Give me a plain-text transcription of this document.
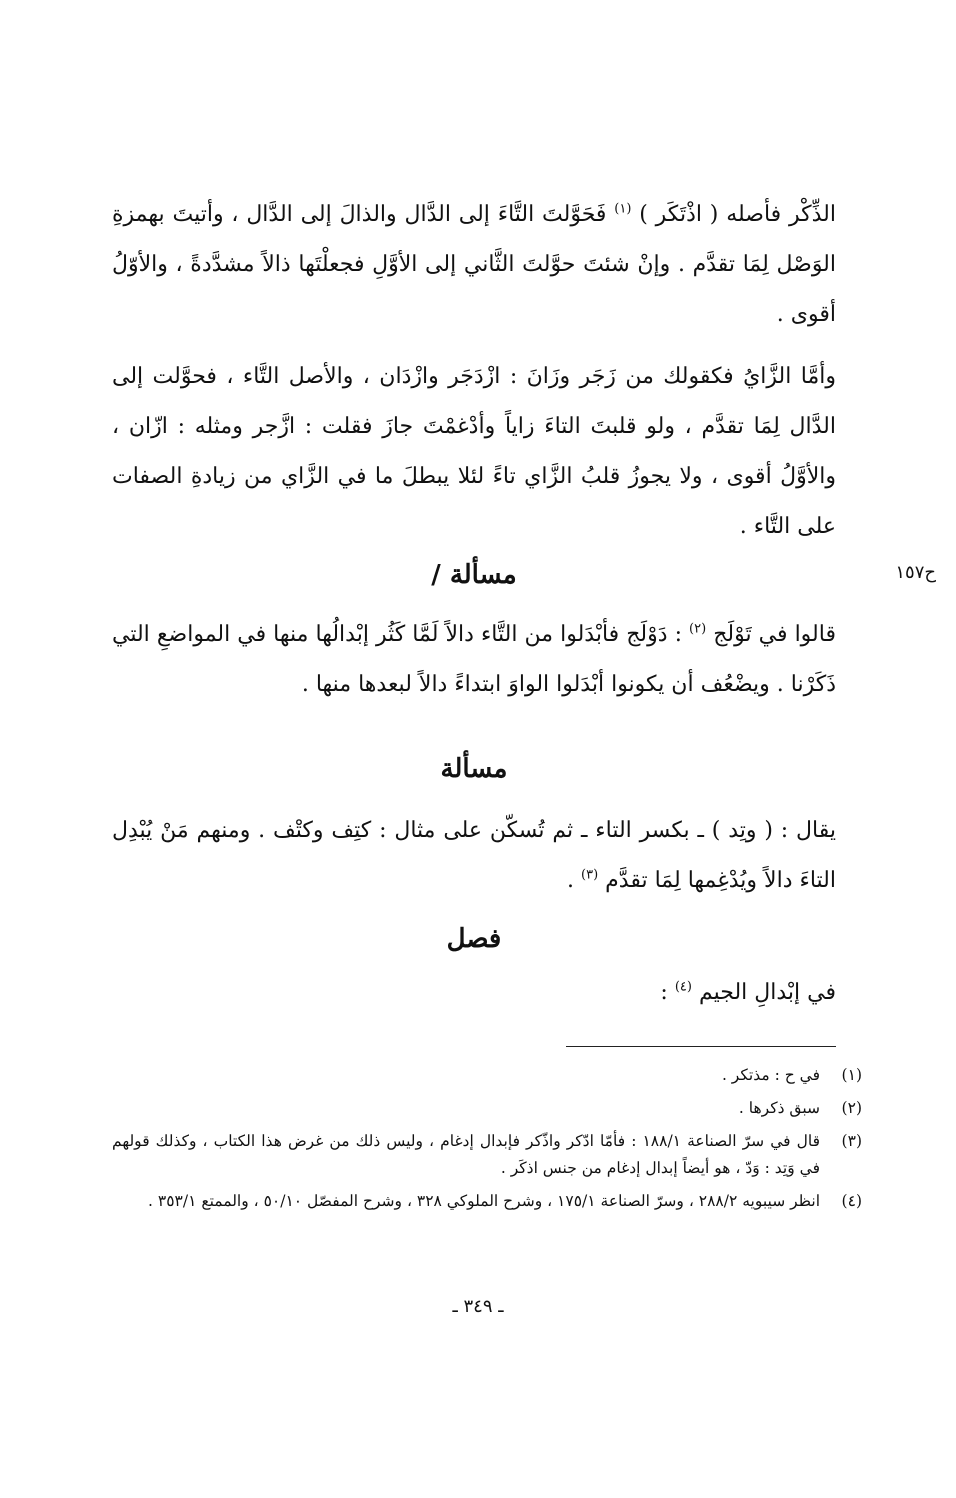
الذِّكْر فأصله ( اذْتَكَر ) $^{(١)}$ فَحَوَّلتَ التَّاءَ إلى الدَّال والذالَ إلى الدَّال ، وأتيتَ بهمزةِ الوَصْل لِمَا تقدَّم . وإنْ شئتَ حوَّلتَ الثَّاني إلى الأوَّلِ فجعلْتَها ذالاً مشدَّدةً ، والأوّلُ أقوى .

وأمَّا الزَّايُ فكقولك من زَجَر وزَانَ : ازْدَجَر وازْدَان ، والأصل التَّاء ، فحوَّلت إلى الدَّال لِمَا تقدَّم ، ولو قلبتَ التاءَ زاياً وأدْغمْتَ جازَ فقلت : ازَّجر ومثله : ازّان ، والأوَّلُ أقوى ، ولا يجوزُ قلبُ الزَّاي تاءً لئلا يبطلَ ما في الزَّاي من زيادةِ الصفات على التَّاء .

مسألة /	ح١٥٧

قالوا في تَوْلَج $^{(٢)}$ : دَوْلَج فأبْدَلوا من التَّاء دالاً لَمَّا كَثُر إبْدالُها منها في المواضعِ التي ذَكَرْنا . ويضْعُف أن يكونوا أبْدَلوا الواوَ ابتداءً دالاً لبعدها منها .

مسألة

يقال : ( وتِد ) ـ بكسر التاء ـ ثم تُسكّن على مثال : كتِف وكتْف . ومنهم مَنْ يُبْدِل التاءَ دالاً ويُدْغِمها لِمَا تقدَّم $^{(٣)}$ .

فصل
في إبْدالِ الجيم $^{(٤)}$ :
(١)
في ح : مذتكر .
(٢)
سبق ذكرها .
(٣)
قال في سرّ الصناعة ١٨٨/١ : فأمّا ادّكر واذّكر فإبدال إدغام ، وليس ذلك من غرض هذا الكتاب ، وكذلك قولهم في وَتِد : وَدّ ، هو أيضاً إبدال إدغام من جنس اذكَر .
(٤)
انظر سيبويه ٢٨٨/٢ ، وسرّ الصناعة ١٧٥/١ ، وشرح الملوكي ٣٢٨ ، وشرح المفصّل ٥٠/١٠ ، والممتع ٣٥٣/١ .
ـ ٣٤٩ ـ
